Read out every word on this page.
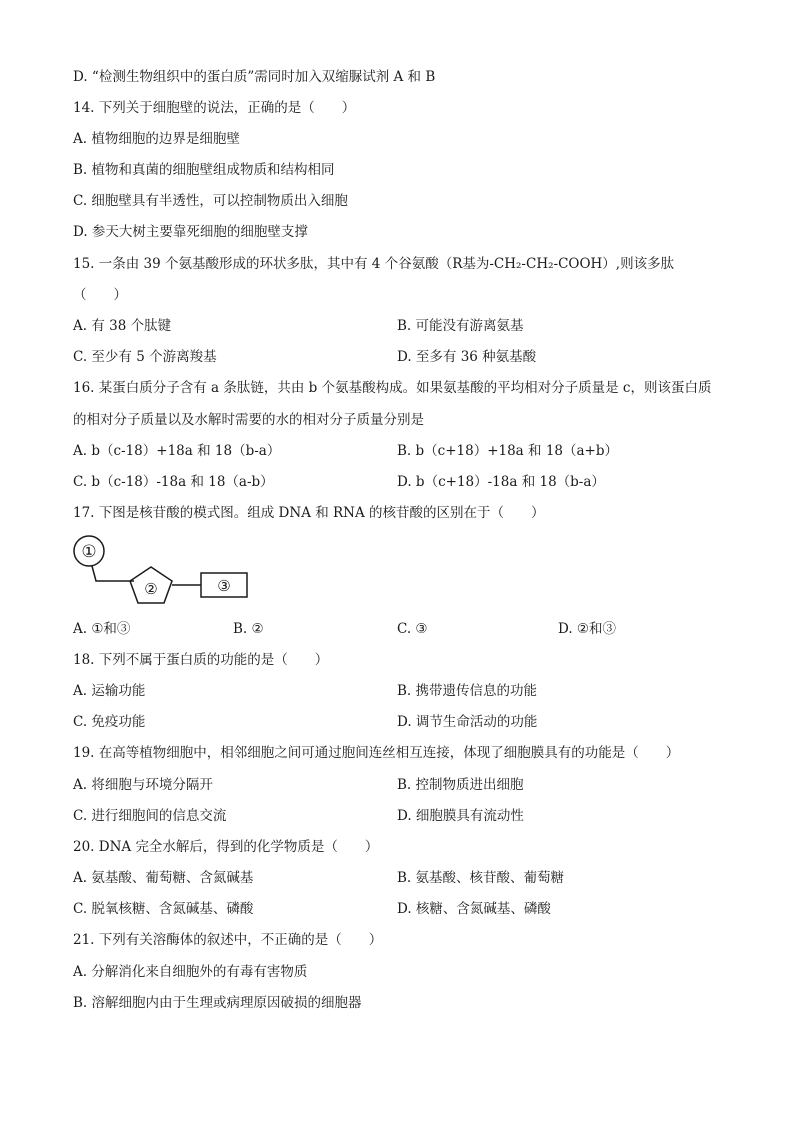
D. “检测生物组织中的蛋白质”需同时加入双缩脲试剂 A 和 B
14. 下列关于细胞壁的说法，正确的是（　　）
A. 植物细胞的边界是细胞壁
B. 植物和真菌的细胞壁组成物质和结构相同
C. 细胞壁具有半透性，可以控制物质出入细胞
D. 参天大树主要靠死细胞的细胞壁支撑
15. 一条由 39 个氨基酸形成的环状多肽，其中有 4 个谷氨酸（R基为-CH₂-CH₂-COOH）,则该多肽
（　　）
A. 有 38 个肽键	B. 可能没有游离氨基
C. 至少有 5 个游离羧基	D. 至多有 36 种氨基酸
16. 某蛋白质分子含有 a 条肽链，共由 b 个氨基酸构成。如果氨基酸的平均相对分子质量是 c，则该蛋白质
的相对分子质量以及水解时需要的水的相对分子质量分别是
A. b（c-18）+18a 和 18（b-a）	B. b（c+18）+18a 和 18（a+b）
C. b（c-18）-18a 和 18（a-b）	D. b（c+18）-18a 和 18（b-a）
17. 下图是核苷酸的模式图。组成 DNA 和 RNA 的核苷酸的区别在于（　　）
①
②	③
A. ①和③	B. ②	C. ③	D. ②和③
18. 下列不属于蛋白质的功能的是（　　）
A. 运输功能	B. 携带遗传信息的功能
C. 免疫功能	D. 调节生命活动的功能
19. 在高等植物细胞中，相邻细胞之间可通过胞间连丝相互连接，体现了细胞膜具有的功能是（　　）
A. 将细胞与环境分隔开	B. 控制物质进出细胞
C. 进行细胞间的信息交流	D. 细胞膜具有流动性
20. DNA 完全水解后，得到的化学物质是（　　）
A. 氨基酸、葡萄糖、含氮碱基	B. 氨基酸、核苷酸、葡萄糖
C. 脱氧核糖、含氮碱基、磷酸	D. 核糖、含氮碱基、磷酸
21. 下列有关溶酶体的叙述中，不正确的是（　　）
A. 分解消化来自细胞外的有毒有害物质
B. 溶解细胞内由于生理或病理原因破损的细胞器
